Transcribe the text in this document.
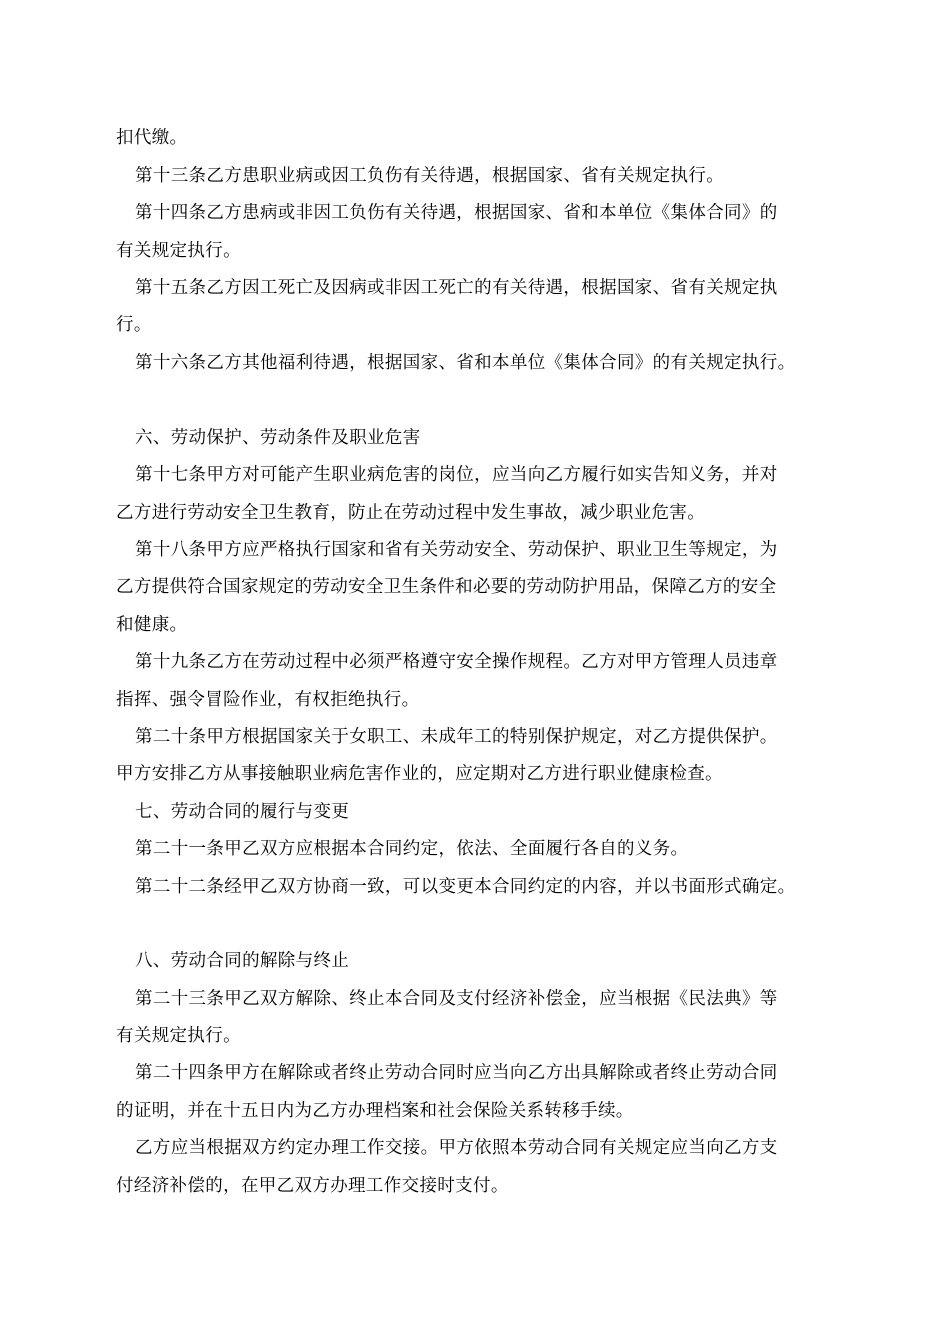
扣代缴。
第十三条乙方患职业病或因工负伤有关待遇，根据国家、省有关规定执行。
第十四条乙方患病或非因工负伤有关待遇，根据国家、省和本单位《集体合同》的
有关规定执行。
第十五条乙方因工死亡及因病或非因工死亡的有关待遇，根据国家、省有关规定执
行。
第十六条乙方其他福利待遇，根据国家、省和本单位《集体合同》的有关规定执行。
六、劳动保护、劳动条件及职业危害
第十七条甲方对可能产生职业病危害的岗位，应当向乙方履行如实告知义务，并对
乙方进行劳动安全卫生教育，防止在劳动过程中发生事故，减少职业危害。
第十八条甲方应严格执行国家和省有关劳动安全、劳动保护、职业卫生等规定，为
乙方提供符合国家规定的劳动安全卫生条件和必要的劳动防护用品，保障乙方的安全
和健康。
第十九条乙方在劳动过程中必须严格遵守安全操作规程。乙方对甲方管理人员违章
指挥、强令冒险作业，有权拒绝执行。
第二十条甲方根据国家关于女职工、未成年工的特别保护规定，对乙方提供保护。
甲方安排乙方从事接触职业病危害作业的，应定期对乙方进行职业健康检查。
七、劳动合同的履行与变更
第二十一条甲乙双方应根据本合同约定，依法、全面履行各自的义务。
第二十二条经甲乙双方协商一致，可以变更本合同约定的内容，并以书面形式确定。
八、劳动合同的解除与终止
第二十三条甲乙双方解除、终止本合同及支付经济补偿金，应当根据《民法典》等
有关规定执行。
第二十四条甲方在解除或者终止劳动合同时应当向乙方出具解除或者终止劳动合同
的证明，并在十五日内为乙方办理档案和社会保险关系转移手续。
乙方应当根据双方约定办理工作交接。甲方依照本劳动合同有关规定应当向乙方支
付经济补偿的，在甲乙双方办理工作交接时支付。
